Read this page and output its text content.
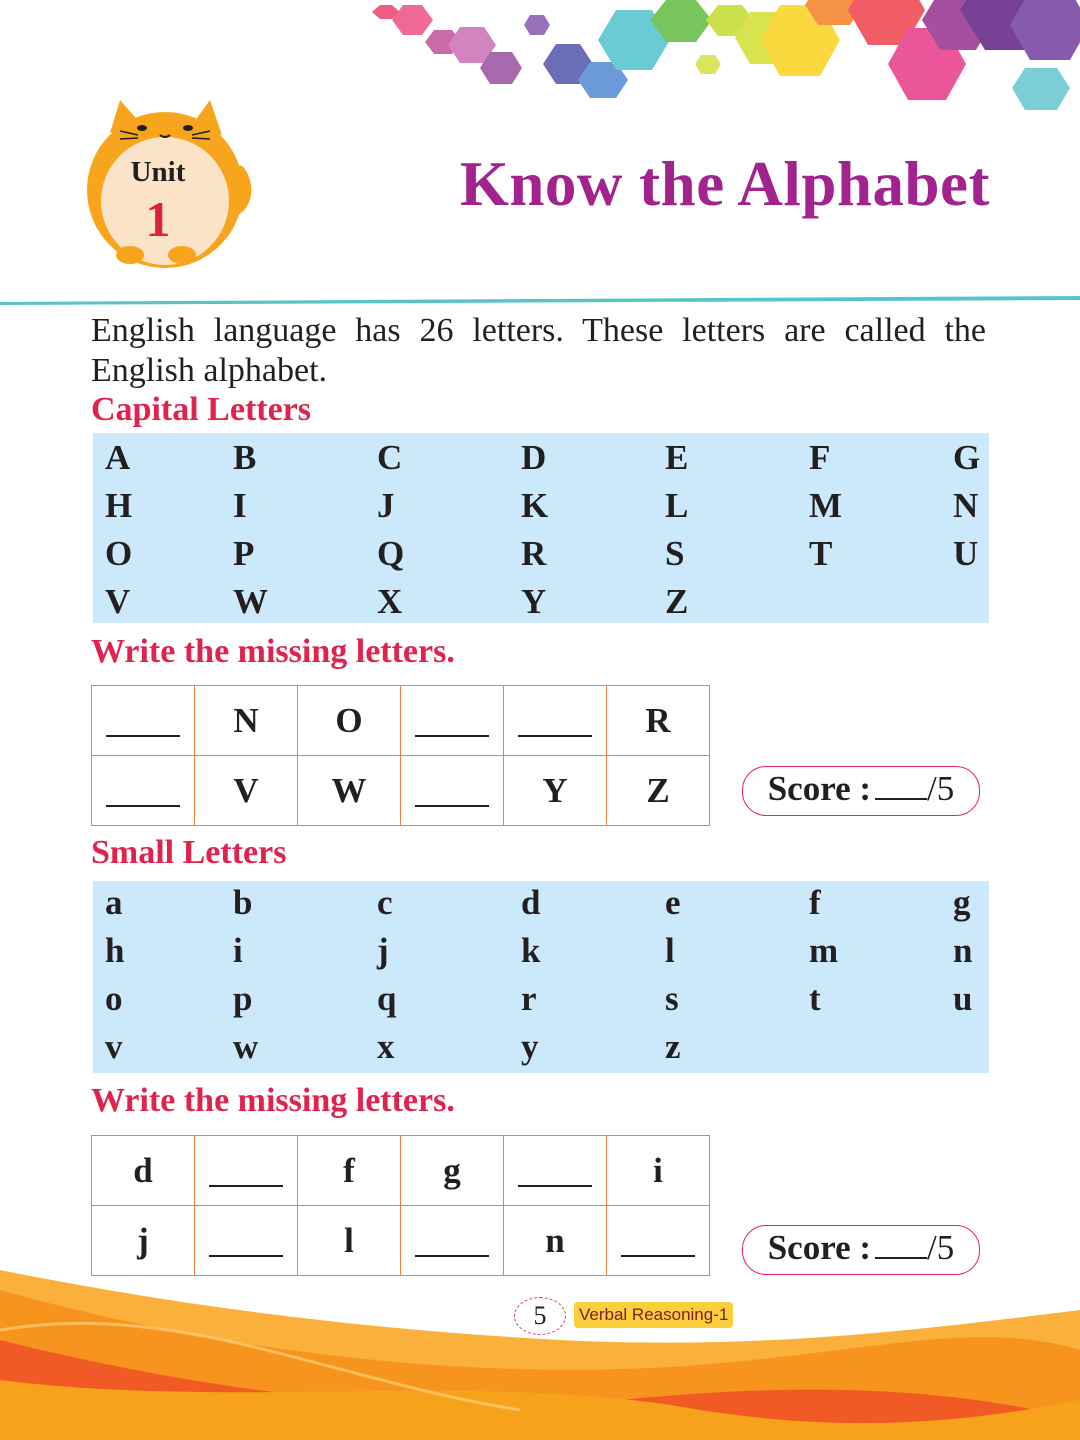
Unit
1	Know the Alphabet
English language has 26 letters. These letters are called the English alphabet.
Capital Letters
A	B	C	D	E	F	G
H	I	J	K	L	M	N
O	P	Q	R	S	T	U
V	W	X	Y	Z
Write the missing letters.
	N	O			R
	V	W		Y	Z	Score : /5
Small Letters
a	b	c	d	e	f	g
h	i	j	k	l	m	n
o	p	q	r	s	t	u
v	w	x	y	z
Write the missing letters.
d		f	g		i
j		l		n		Score : /5
5	Verbal Reasoning-1
